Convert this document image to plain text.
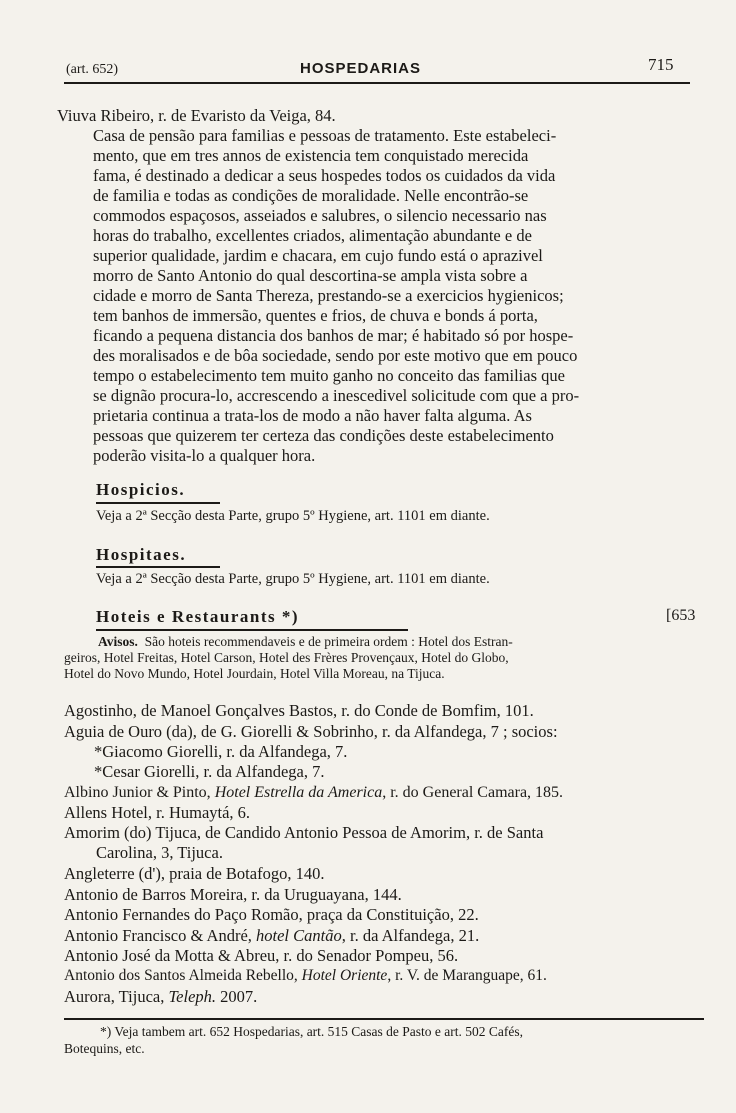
(art. 652)	HOSPEDARIAS	715
Viuva Ribeiro, r. de Evaristo da Veiga, 84.
Casa de pensão para familias e pessoas de tratamento. Este estabeleci-
mento, que em tres annos de existencia tem conquistado merecida
fama, é destinado a dedicar a seus hospedes todos os cuidados da vida
de familia e todas as condições de moralidade. Nelle encontrão-se
commodos espaçosos, asseiados e salubres, o silencio necessario nas
horas do trabalho, excellentes criados, alimentação abundante e de
superior qualidade, jardim e chacara, em cujo fundo está o aprazivel
morro de Santo Antonio do qual descortina-se ampla vista sobre a
cidade e morro de Santa Thereza, prestando-se a exercicios hygienicos;
tem banhos de immersão, quentes e frios, de chuva e bonds á porta,
ficando a pequena distancia dos banhos de mar; é habitado só por hospe-
des moralisados e de bôa sociedade, sendo por este motivo que em pouco
tempo o estabelecimento tem muito ganho no conceito das familias que
se dignão procura-lo, accrescendo a inescedivel solicitude com que a pro-
prietaria continua a trata-los de modo a não haver falta alguma. As
pessoas que quizerem ter certeza das condições deste estabelecimento
poderão visita-lo a qualquer hora.
Hospicios.
Veja a 2ª Secção desta Parte, grupo 5º Hygiene, art. 1101 em diante.
Hospitaes.
Veja a 2ª Secção desta Parte, grupo 5º Hygiene, art. 1101 em diante.
Hoteis e Restaurants *)	[653
Avisos. São hoteis recommendaveis e de primeira ordem : Hotel dos Estran-
geiros, Hotel Freitas, Hotel Carson, Hotel des Frères Provençaux, Hotel do Globo,
Hotel do Novo Mundo, Hotel Jourdain, Hotel Villa Moreau, na Tijuca.
Agostinho, de Manoel Gonçalves Bastos, r. do Conde de Bomfim, 101.
Aguia de Ouro (da), de G. Giorelli & Sobrinho, r. da Alfandega, 7 ; socios:
*Giacomo Giorelli, r. da Alfandega, 7.
*Cesar Giorelli, r. da Alfandega, 7.
Albino Junior & Pinto, Hotel Estrella da America, r. do General Camara, 185.
Allens Hotel, r. Humaytá, 6.
Amorim (do) Tijuca, de Candido Antonio Pessoa de Amorim, r. de Santa
Carolina, 3, Tijuca.
Angleterre (d'), praia de Botafogo, 140.
Antonio de Barros Moreira, r. da Uruguayana, 144.
Antonio Fernandes do Paço Romão, praça da Constituição, 22.
Antonio Francisco & André, hotel Cantão, r. da Alfandega, 21.
Antonio José da Motta & Abreu, r. do Senador Pompeu, 56.
Antonio dos Santos Almeida Rebello, Hotel Oriente, r. V. de Maranguape, 61.
Aurora, Tijuca, Teleph. 2007.
*) Veja tambem art. 652 Hospedarias, art. 515 Casas de Pasto e art. 502 Cafés,
Botequins, etc.
